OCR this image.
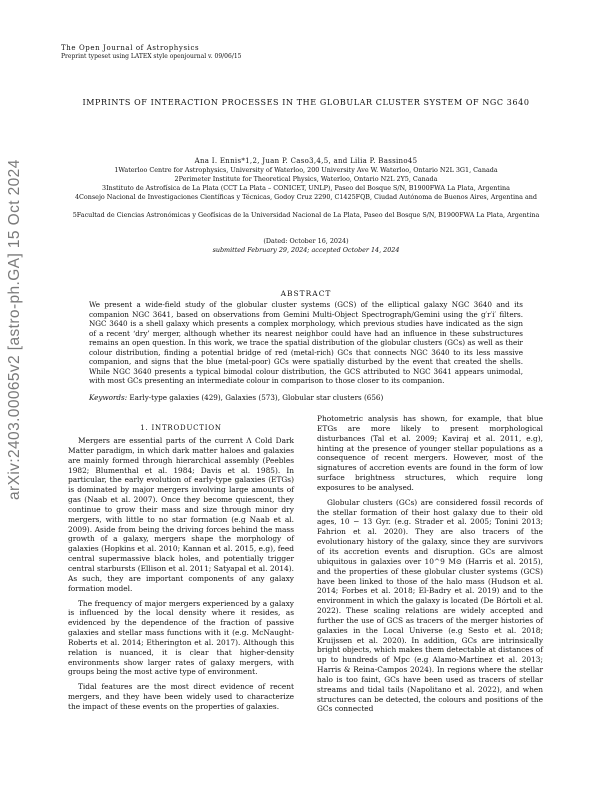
The Open Journal of Astrophysics
Preprint typeset using LATEX style openjournal v. 09/06/15
arXiv:2403.00065v2 [astro-ph.GA] 15 Oct 2024
IMPRINTS OF INTERACTION PROCESSES IN THE GLOBULAR CLUSTER SYSTEM OF NGC 3640
Ana I. Ennis*1,2, Juan P. Caso3,4,5, and Lilia P. Bassino45
1Waterloo Centre for Astrophysics, University of Waterloo, 200 University Ave W. Waterloo, Ontario N2L 3G1, Canada
2Perimeter Institute for Theoretical Physics, Waterloo, Ontario N2L 2Y5, Canada
3Instituto de Astrofísica de La Plata (CCT La Plata – CONICET, UNLP), Paseo del Bosque S/N, B1900FWA La Plata, Argentina
4Consejo Nacional de Investigaciones Científicas y Técnicas, Godoy Cruz 2290, C1425FQB, Ciudad Autónoma de Buenos Aires, Argentina and
5Facultad de Ciencias Astronómicas y Geofísicas de la Universidad Nacional de La Plata, Paseo del Bosque S/N, B1900FWA La Plata, Argentina
(Dated: October 16, 2024)
submitted February 29, 2024; accepted October 14, 2024
ABSTRACT
We present a wide-field study of the globular cluster systems (GCS) of the elliptical galaxy NGC 3640 and its companion NGC 3641, based on observations from Gemini Multi-Object Spectrograph/Gemini using the g′r′i′ filters. NGC 3640 is a shell galaxy which presents a complex morphology, which previous studies have indicated as the sign of a recent ‘dry’ merger, although whether its nearest neighbor could have had an influence in these substructures remains an open question. In this work, we trace the spatial distribution of the globular clusters (GCs) as well as their colour distribution, finding a potential bridge of red (metal-rich) GCs that connects NGC 3640 to its less massive companion, and signs that the blue (metal-poor) GCs were spatially disturbed by the event that created the shells. While NGC 3640 presents a typical bimodal colour distribution, the GCS attributed to NGC 3641 appears unimodal, with most GCs presenting an intermediate colour in comparison to those closer to its companion.
Keywords: Early-type galaxies (429), Galaxies (573), Globular star clusters (656)
1. INTRODUCTION

Mergers are essential parts of the current Λ Cold Dark Matter paradigm, in which dark matter haloes and galaxies are mainly formed through hierarchical assembly (Peebles 1982; Blumenthal et al. 1984; Davis et al. 1985). In particular, the early evolution of early-type galaxies (ETGs) is dominated by major mergers involving large amounts of gas (Naab et al. 2007). Once they become quiescent, they continue to grow their mass and size through minor dry mergers, with little to no star formation (e.g Naab et al. 2009). Aside from being the driving forces behind the mass growth of a galaxy, mergers shape the morphology of galaxies (Hopkins et al. 2010; Kannan et al. 2015, e.g), feed central supermassive black holes, and potentially trigger central starbursts (Ellison et al. 2011; Satyapal et al. 2014). As such, they are important components of any galaxy formation model.

The frequency of major mergers experienced by a galaxy is influenced by the local density where it resides, as evidenced by the dependence of the fraction of passive galaxies and stellar mass functions with it (e.g. McNaught-Roberts et al. 2014; Etherington et al. 2017). Although this relation is nuanced, it is clear that higher-density environments show larger rates of galaxy mergers, with groups being the most active type of environment.

Tidal features are the most direct evidence of recent mergers, and they have been widely used to characterize the impact of these events on the properties of galaxies.

Photometric analysis has shown, for example, that blue ETGs are more likely to present morphological disturbances (Tal et al. 2009; Kaviraj et al. 2011, e.g), hinting at the presence of younger stellar populations as a consequence of recent mergers. However, most of the signatures of accretion events are found in the form of low surface brightness structures, which require long exposures to be analysed.

Globular clusters (GCs) are considered fossil records of the stellar formation of their host galaxy due to their old ages, 10 − 13 Gyr. (e.g. Strader et al. 2005; Tonini 2013; Fahrion et al. 2020). They are also tracers of the evolutionary history of the galaxy, since they are survivors of its accretion events and disruption. GCs are almost ubiquitous in galaxies over 10^9 M⊙ (Harris et al. 2015), and the properties of these globular cluster systems (GCS) have been linked to those of the halo mass (Hudson et al. 2014; Forbes et al. 2018; El-Badry et al. 2019) and to the environment in which the galaxy is located (De Bórtoli et al. 2022). These scaling relations are widely accepted and further the use of GCS as tracers of the merger histories of galaxies in the Local Universe (e.g Sesto et al. 2018; Kruijssen et al. 2020). In addition, GCs are intrinsically bright objects, which makes them detectable at distances of up to hundreds of Mpc (e.g Alamo-Martínez et al. 2013; Harris & Reina-Campos 2024). In regions where the stellar halo is too faint, GCs have been used as tracers of stellar streams and tidal tails (Napolitano et al. 2022), and when structures can be detected, the colours and positions of the GCs connected
